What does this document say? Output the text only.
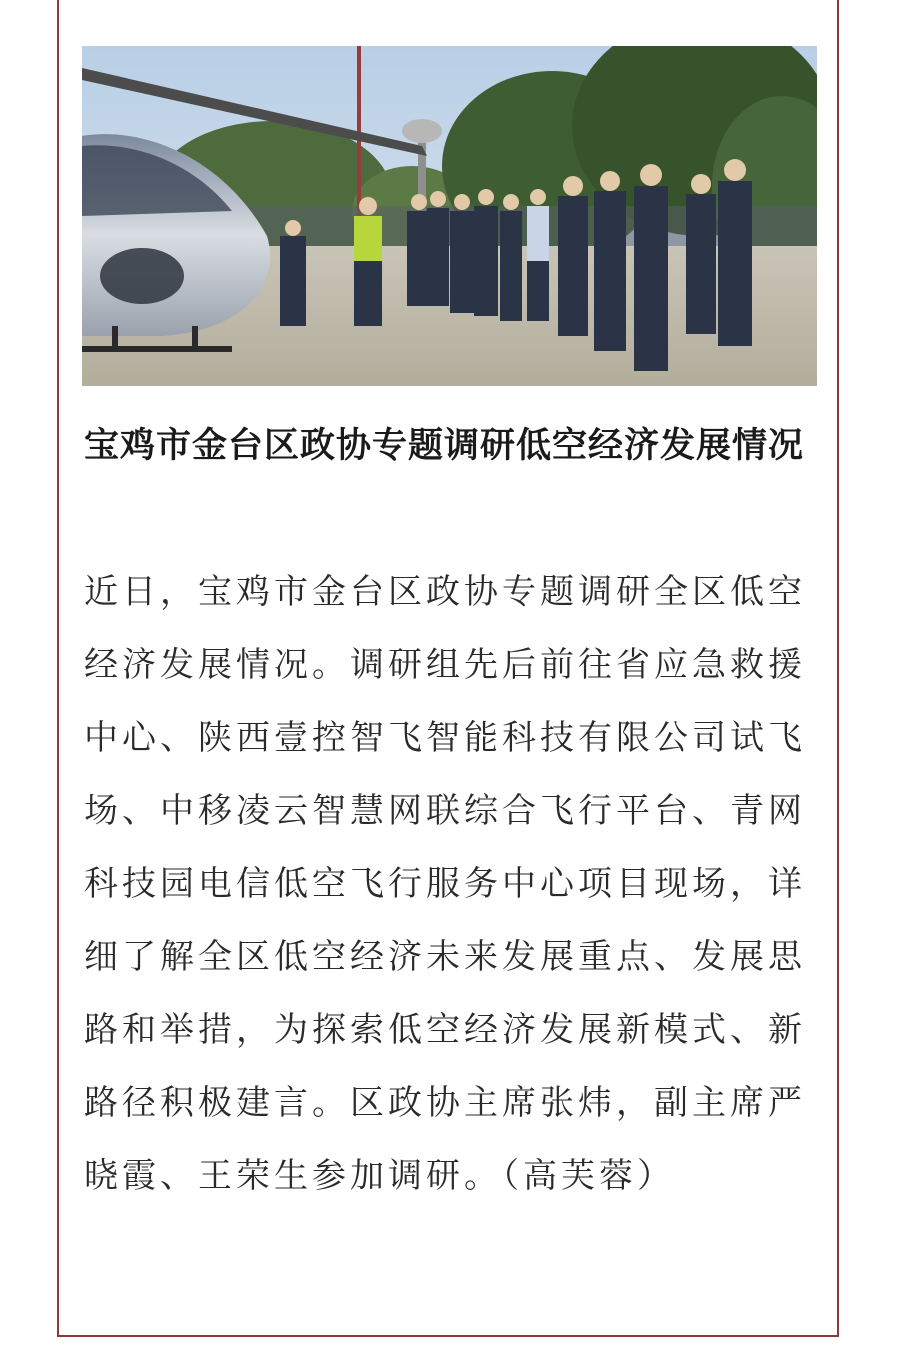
宝鸡市金台区政协专题调研低空经济发展情况

近日，宝鸡市金台区政协专题调研全区低空经济发展情况。调研组先后前往省应急救援中心、陕西壹控智飞智能科技有限公司试飞场、中移凌云智慧网联综合飞行平台、青网科技园电信低空飞行服务中心项目现场，详细了解全区低空经济未来发展重点、发展思路和举措，为探索低空经济发展新模式、新路径积极建言。区政协主席张炜，副主席严晓霞、王荣生参加调研。（高芙蓉）
